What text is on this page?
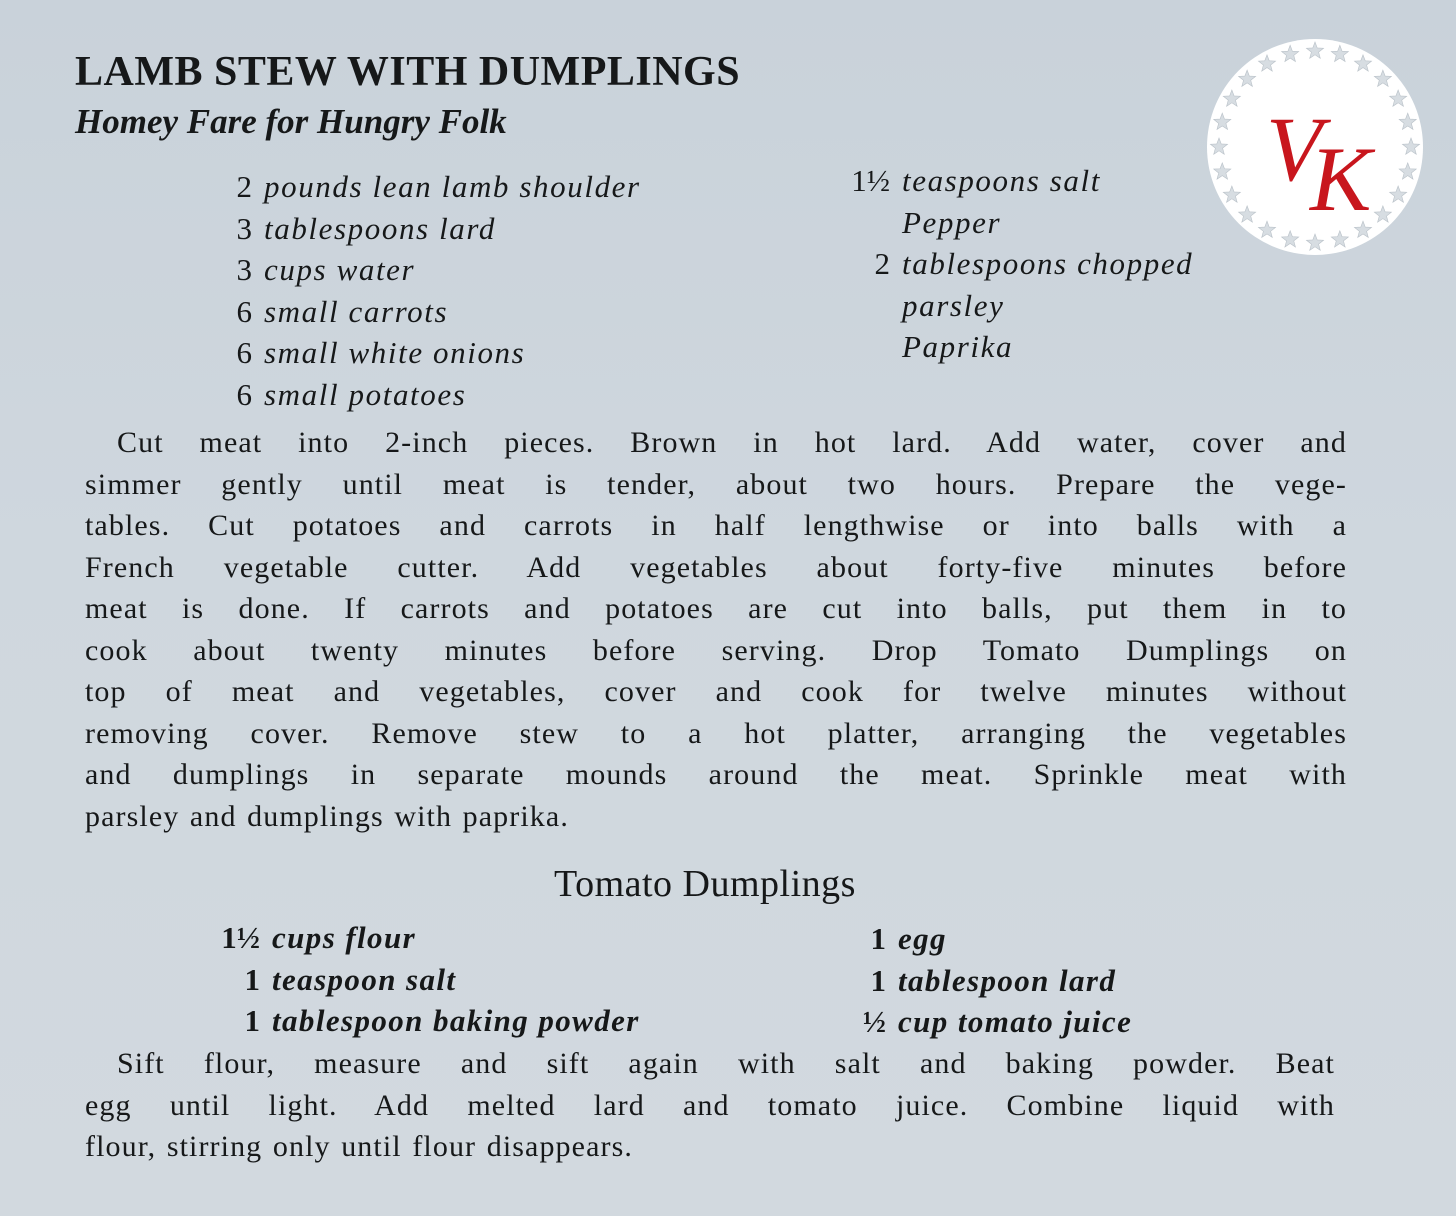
LAMB STEW WITH DUMPLINGS
Homey Fare for Hungry Folk
2 pounds lean lamb shoulder
3 tablespoons lard
3 cups water
6 small carrots
6 small white onions
6 small potatoes
1½ teaspoons salt
Pepper
2 tablespoons chopped
parsley
Paprika
Cut meat into 2-inch pieces. Brown in hot lard. Add water, cover and
simmer gently until meat is tender, about two hours. Prepare the vege-
tables. Cut potatoes and carrots in half lengthwise or into balls with a
French vegetable cutter. Add vegetables about forty-five minutes before
meat is done. If carrots and potatoes are cut into balls, put them in to
cook about twenty minutes before serving. Drop Tomato Dumplings on
top of meat and vegetables, cover and cook for twelve minutes without
removing cover. Remove stew to a hot platter, arranging the vegetables
and dumplings in separate mounds around the meat. Sprinkle meat with
parsley and dumplings with paprika.
Tomato Dumplings
1½ cups flour
1 teaspoon salt
1 tablespoon baking powder
1 egg
1 tablespoon lard
½ cup tomato juice
Sift flour, measure and sift again with salt and baking powder. Beat
egg until light. Add melted lard and tomato juice. Combine liquid with
flour, stirring only until flour disappears.
V
K
